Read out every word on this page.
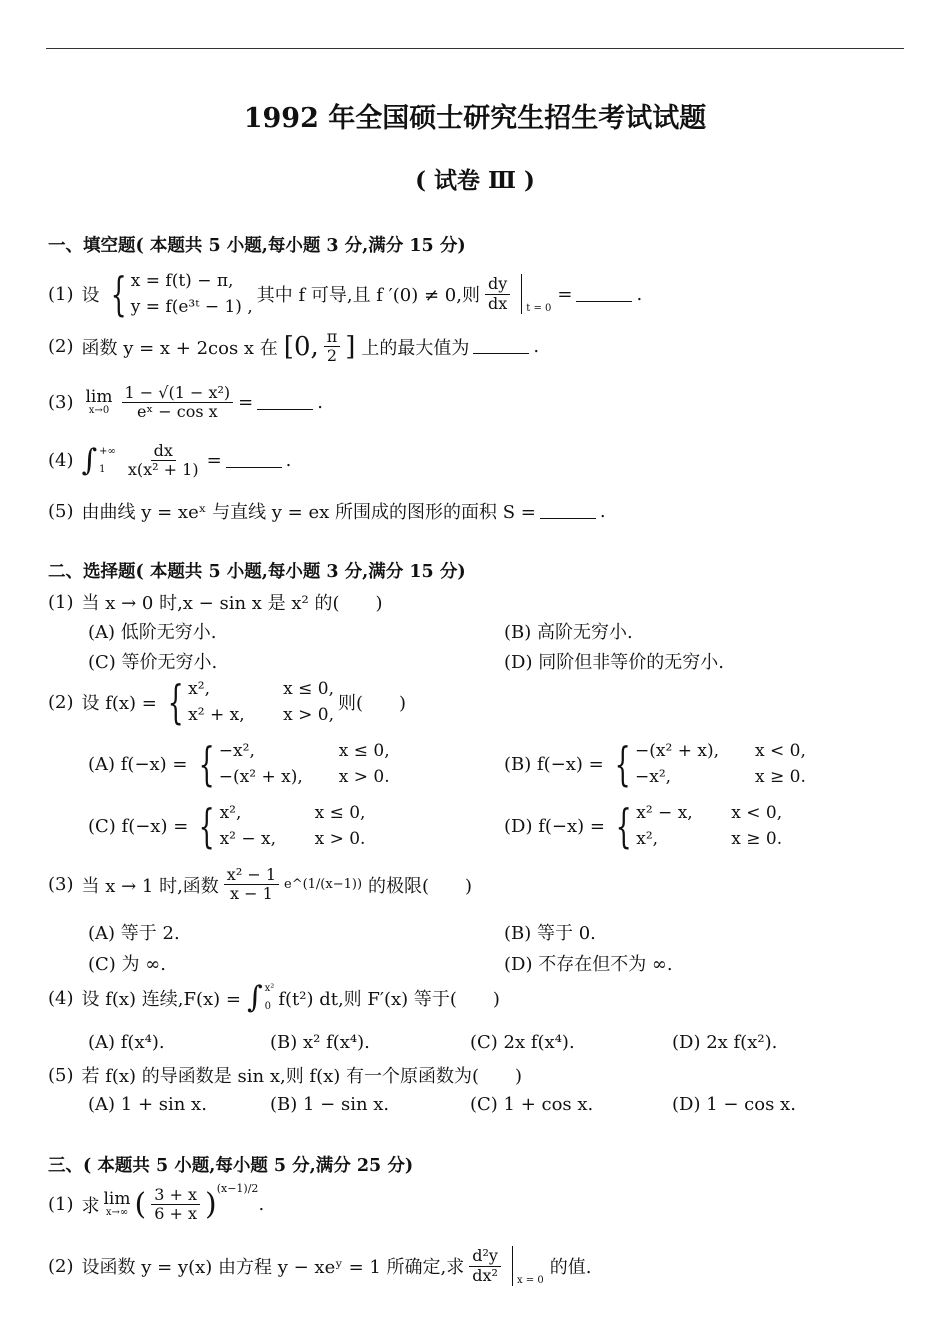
1992 年全国硕士研究生招生考试试题
( 试卷 Ⅲ )
一、填空题( 本题共 5 小题,每小题 3 分,满分 15 分)
(1) 设 { x = f(t) − π,
y = f(e³ᵗ − 1) ,
其中 f 可导,且 f ′(0) ≠ 0,则
dy
dx	t = 0
=	.
(2) 函数 y = x + 2cos x 在 [0, π
2 ] 上的最大值为	.
(3) lim
$x\to 0 \frac{\text{1 − √(1 − x²)}}{\text{eˣ − cos x}}$ =	.
(4) ∫ +∞
1	$\frac{dx}{\text{x(x² + 1)}}$ =	.
(5) 由曲线 y = xeˣ 与直线 y = ex 所围成的图形的面积 S =	.
二、选择题( 本题共 5 小题,每小题 3 分,满分 15 分)
(1) 当 x → 0 时,x − sin x 是 x² 的(　　)
(A) 低阶无穷小.	(B) 高阶无穷小.
(C) 等价无穷小.	(D) 同阶但非等价的无穷小.
(2) 设 f(x) = { x²,	x ≤ 0,
x² + x,	x > 0,
则(　　)
(A) f(−x) = { −x²,	x ≤ 0,
−(x² + x),	x > 0.
(B) f(−x) = { −(x² + x),	x < 0,
−x²,	x ≥ 0.
(C) f(−x) = { x²,	x ≤ 0,
x² − x,	x > 0.
(D) f(−x) = { x² − x,	x < 0,
x²,	x ≥ 0.
(3) 当 x → 1 时,函数
x² − 1
x − 1 e^(1/(x−1)) 的极限(　　)
(A) 等于 2.	(B) 等于 0.
(C) 为 ∞.	(D) 不存在但不为 ∞.
(4) 设 f(x) 连续,F(x) = ∫ x²
0 f(t²) dt,则 F′(x) 等于(　　)
(A) f(x⁴).	(B) x² f(x⁴).	(C) 2x f(x⁴).	(D) 2x f(x²).
(5) 若 f(x) 的导函数是 sin x,则 f(x) 有一个原函数为(　　)
(A) 1 + sin x.	(B) 1 − sin x.	(C) 1 + cos x.	(D) 1 − cos x.
三、( 本题共 5 小题,每小题 5 分,满分 25 分)
(1) 求 lim
x→∞ ( 3 + x
6 + x ) (x−1)/2
.
(2) 设函数 y = y(x) 由方程 y − xeʸ = 1 所确定,求
d²y
dx²	x = 0
的值.
